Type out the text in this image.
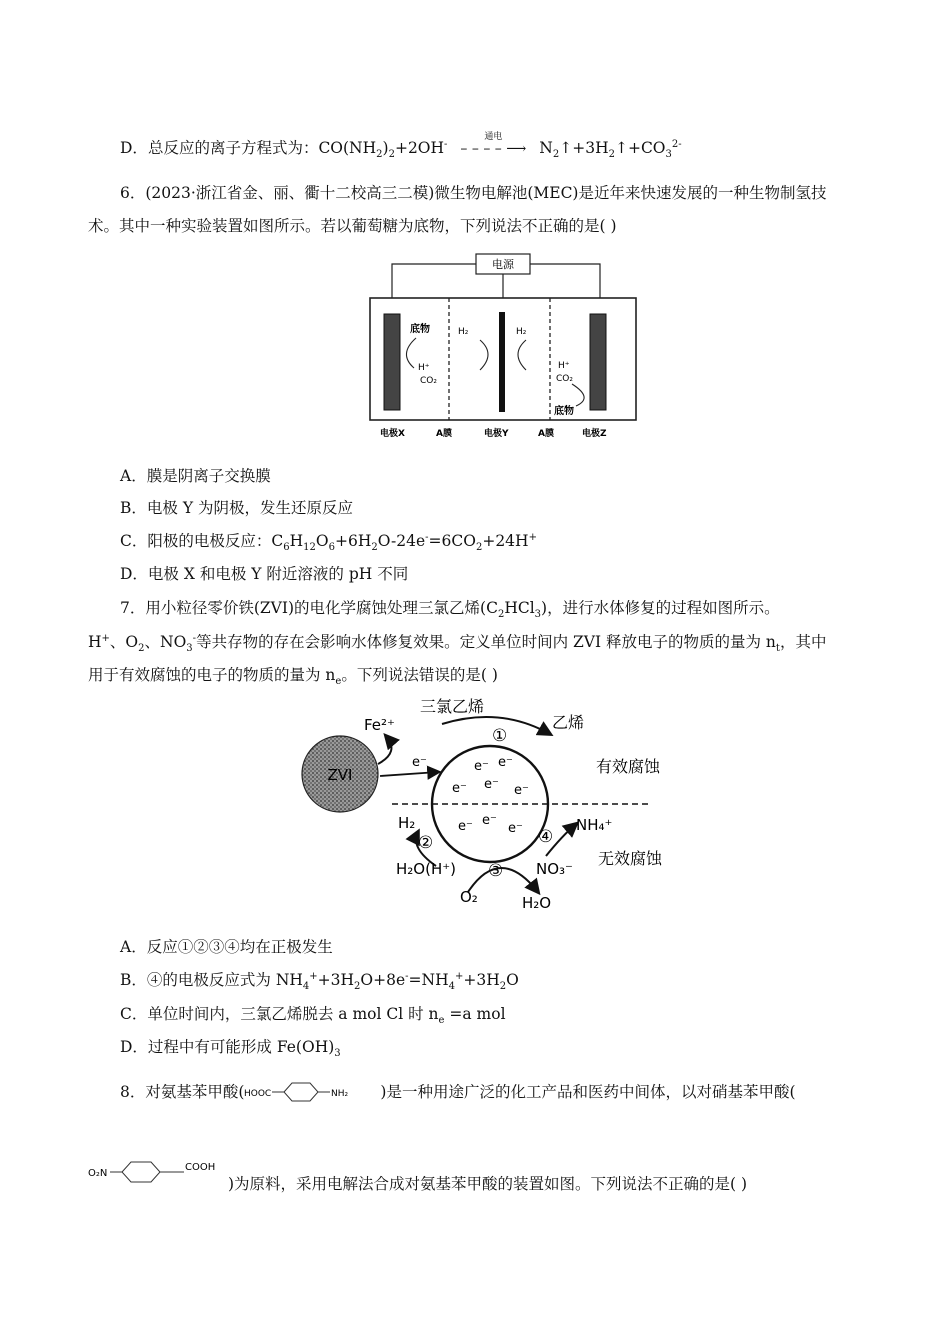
D．总反应的离子方程式为：$CO(NH_2)_2+2OH^-$
通电
– – – – ⟶ $N_2↑+3H_2↑+CO_3^{2-}$
6．(2023·浙江省金、丽、衢十二校高三二模)微生物电解池(MEC)是近年来快速发展的一种生物制氢技
术。其中一种实验装置如图所示。若以葡萄糖为底物，下列说法不正确的是( )
电源
底物
H⁺
CO₂
H₂	H₂
H⁺
CO₂
底物
电极X	A膜	电极Y	A膜	电极Z
A．膜是阴离子交换膜
B．电极 Y 为阴极，发生还原反应
C．阳极的电极反应：$C_6H_{12}O_6+6H_2O-24e^-=6CO_2+24H^+$
D．电极 X 和电极 Y 附近溶液的 pH 不同
7．用小粒径零价铁(ZVI)的电化学腐蚀处理三氯乙烯$(C_2HCl_3)$，进行水体修复的过程如图所示。
H+、$O_2$、$NO_3^-$等共存物的存在会影响水体修复效果。定义单位时间内 ZVI 释放电子的物质的量为 $n_t$，其中
用于有效腐蚀的电子的物质的量为 $n_e$。下列说法错误的是( )
ZVI
Fe²⁺
e⁻	e⁻ e⁻
e⁻ e⁻ e⁻
e⁻ e⁻
e⁻
三氯乙烯
①
乙烯
有效腐蚀
H₂
②
H₂O(H⁺)
④
NH₄⁺
NO₃⁻
无效腐蚀
③
O₂	H₂O
A．反应①②③④均在正极发生
B．④的电极反应式为 $NH_4^++3H_2O+8e^-=NH_4^++3H_2O$
C．单位时间内，三氯乙烯脱去 a mol Cl 时 $n_e =a$ mol
D．过程中有可能形成 $Fe(OH)_3$
8．对氨基苯甲酸( HOOC	NH₂ )是一种用途广泛的化工产品和医药中间体，以对硝基苯甲酸(
O₂N
COOH
)为原料，采用电解法合成对氨基苯甲酸的装置如图。下列说法不正确的是( )
